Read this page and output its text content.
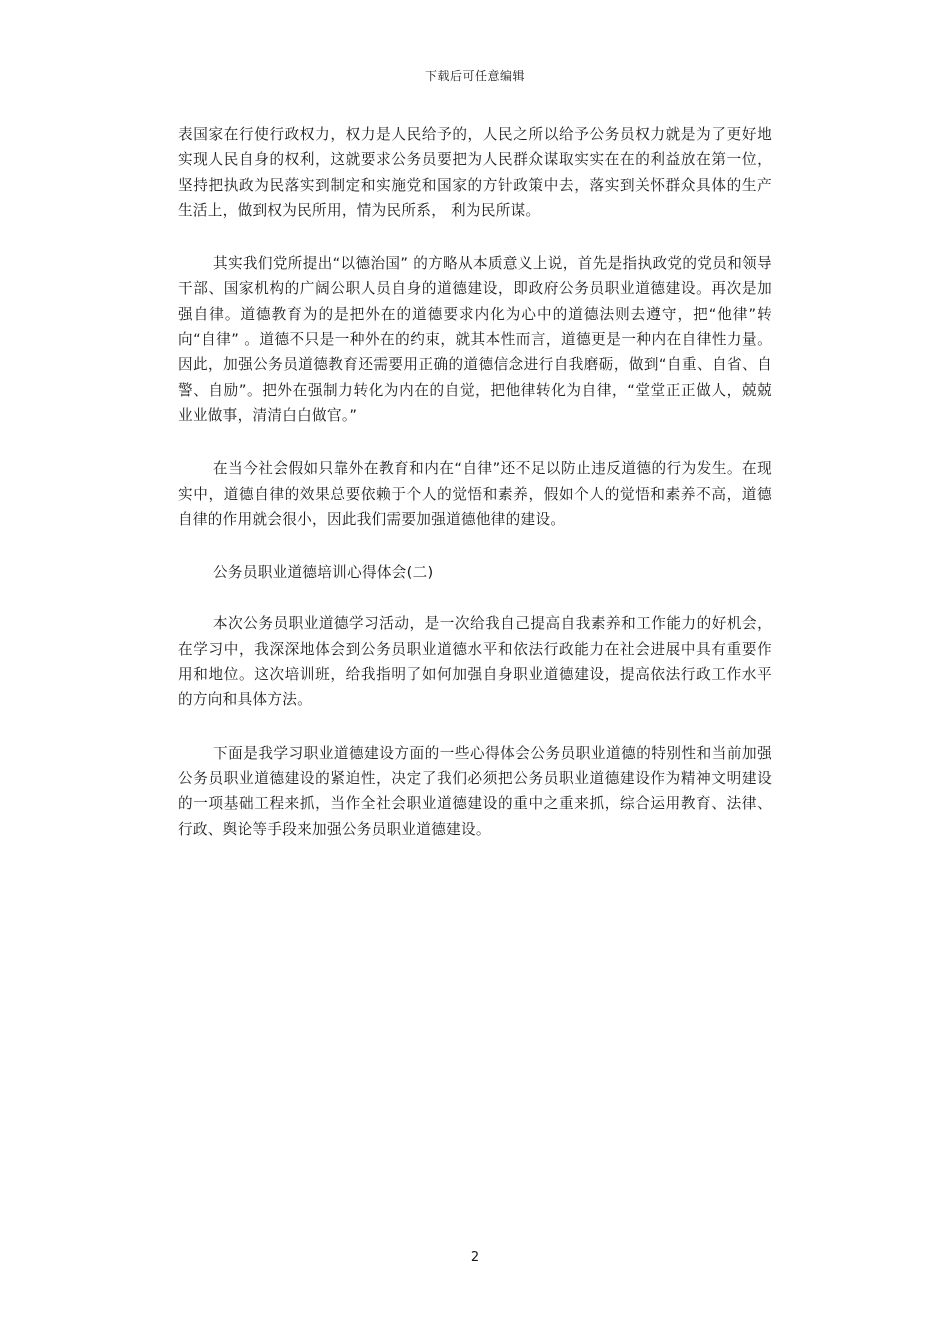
下载后可任意编辑

表国家在行使行政权力，权力是人民给予的，人民之所以给予公务员权力就是为了更好地实现人民自身的权利，这就要求公务员要把为人民群众谋取实实在在的利益放在第一位，坚持把执政为民落实到制定和实施党和国家的方针政策中去，落实到关怀群众具体的生产生活上，做到权为民所用，情为民所系， 利为民所谋。

其实我们党所提出“以德治国” 的方略从本质意义上说，首先是指执政党的党员和领导干部、国家机构的广阔公职人员自身的道德建设，即政府公务员职业道德建设。再次是加强自律。道德教育为的是把外在的道德要求内化为心中的道德法则去遵守，把“他律”转向“自律” 。道德不只是一种外在的约束，就其本性而言，道德更是一种内在自律性力量。因此，加强公务员道德教育还需要用正确的道德信念进行自我磨砺，做到“自重、自省、自警、自励”。把外在强制力转化为内在的自觉，把他律转化为自律，“堂堂正正做人，兢兢业业做事，清清白白做官。”

在当今社会假如只靠外在教育和内在“自律”还不足以防止违反道德的行为发生。在现实中，道德自律的效果总要依赖于个人的觉悟和素养，假如个人的觉悟和素养不高，道德自律的作用就会很小，因此我们需要加强道德他律的建设。

公务员职业道德培训心得体会(二)

本次公务员职业道德学习活动，是一次给我自己提高自我素养和工作能力的好机会，在学习中，我深深地体会到公务员职业道德水平和依法行政能力在社会进展中具有重要作用和地位。这次培训班，给我指明了如何加强自身职业道德建设，提高依法行政工作水平的方向和具体方法。

下面是我学习职业道德建设方面的一些心得体会公务员职业道德的特别性和当前加强公务员职业道德建设的紧迫性，决定了我们必须把公务员职业道德建设作为精神文明建设的一项基础工程来抓，当作全社会职业道德建设的重中之重来抓，综合运用教育、法律、行政、舆论等手段来加强公务员职业道德建设。

2
